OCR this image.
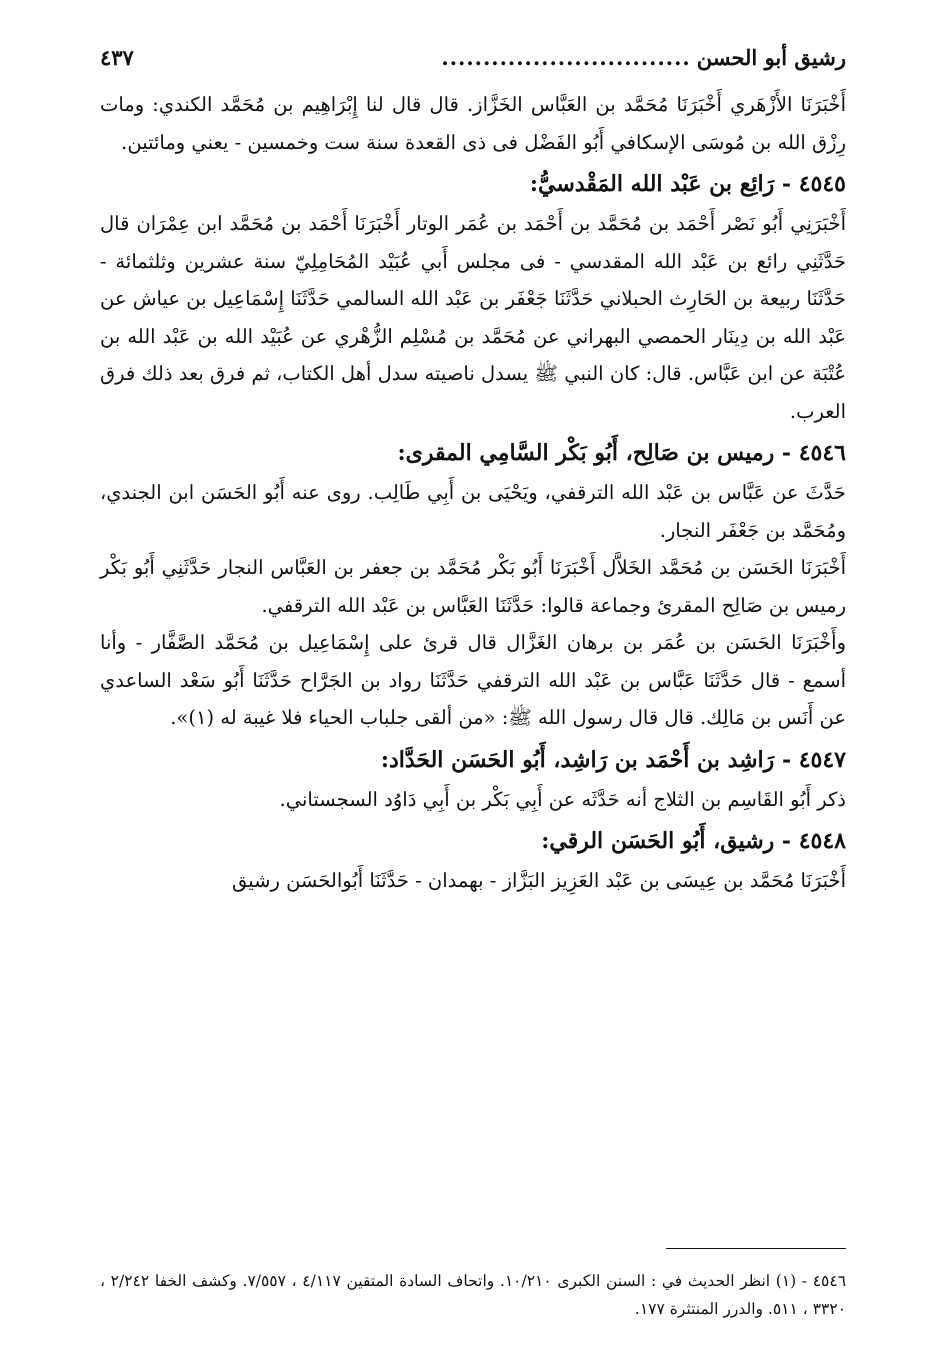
رشيق أبو الحسن
..............................
٤٣٧

أَخْبَرَنَا الأَزْهَري أَخْبَرَنَا مُحَمَّد بن العَبَّاس الخَزَّاز. قال قال لنا إِبْرَاهِيم بن مُحَمَّد الكندي: ومات رِزْق الله بن مُوسَى الإسكافي أَبُو الفَضْل فى ذى القعدة سنة ست وخمسين - يعني ومائتين.

٤٥٤٥ - رَائِع بن عَبْد الله المَقْدسيُّ:

أَخْبَرَنِي أَبُو نَصْر أَحْمَد بن مُحَمَّد بن أَحْمَد بن عُمَر الوتار أَخْبَرَنَا أَحْمَد بن مُحَمَّد ابن عِمْرَان قال حَدَّثَنِي رائع بن عَبْد الله المقدسي - فى مجلس أَبي عُبَيْد المُحَامِلِيّ سنة عشرين وثلثمائة - حَدَّثَنَا ربيعة بن الحَارِث الحبلاني حَدَّثَنَا جَعْفَر بن عَبْد الله السالمي حَدَّثَنَا إِسْمَاعِيل بن عياش عن عَبْد الله بن دِينَار الحمصي البهراني عن مُحَمَّد بن مُسْلِم الزُّهْري عن عُبَيْد الله بن عَبْد الله بن عُتْبَة عن ابن عَبَّاس. قال: كان النبي ﷺ يسدل ناصيته سدل أهل الكتاب، ثم فرق بعد ذلك فرق العرب.

٤٥٤٦ - رميس بن صَالِح، أَبُو بَكْر السَّامِي المقرى:

حَدَّثَ عن عَبَّاس بن عَبْد الله الترقفي، ويَحْيَى بن أَبِي طَالِب. روى عنه أَبُو الحَسَن ابن الجندي، ومُحَمَّد بن جَعْفَر النجار.

أَخْبَرَنَا الحَسَن بن مُحَمَّد الخَلاَّل أَخْبَرَنَا أَبُو بَكْر مُحَمَّد بن جعفر بن العَبَّاس النجار حَدَّثَنِي أَبُو بَكْر رميس بن صَالِح المقرئ وجماعة قالوا: حَدَّثَنَا العَبَّاس بن عَبْد الله الترقفي.

وأَخْبَرَنَا الحَسَن بن عُمَر بن برهان الغَزَّال قال قرئ على إِسْمَاعِيل بن مُحَمَّد الصَّفَّار - وأنا أسمع - قال حَدَّثَنَا عَبَّاس بن عَبْد الله الترقفي حَدَّثَنَا رواد بن الجَرَّاح حَدَّثَنَا أَبُو سَعْد الساعدي عن أَنَس بن مَالِك. قال قال رسول الله ﷺ: «من ألقى جلباب الحياء فلا غيبة له (١)».

٤٥٤٧ - رَاشِد بن أَحْمَد بن رَاشِد، أَبُو الحَسَن الحَدَّاد:

ذكر أَبُو القَاسِم بن الثلاج أنه حَدَّثَه عن أَبِي بَكْر بن أَبِي دَاوُد السجستاني.

٤٥٤٨ - رشيق، أَبُو الحَسَن الرقي:

أَخْبَرَنَا مُحَمَّد بن عِيسَى بن عَبْد العَزِيز البَزَّاز - بهمدان - حَدَّثَنَا أَبُوالحَسَن رشيق

٤٥٤٦ - (١) انظر الحديث في : السنن الكبرى ١٠/٢١٠. واتحاف السادة المتقين ٤/١١٧ ، ٧/٥٥٧. وكشف الخفا ٢/٢٤٢ ، ٣٣٢٠ ، ٥١١. والدرر المنتثرة ١٧٧.
